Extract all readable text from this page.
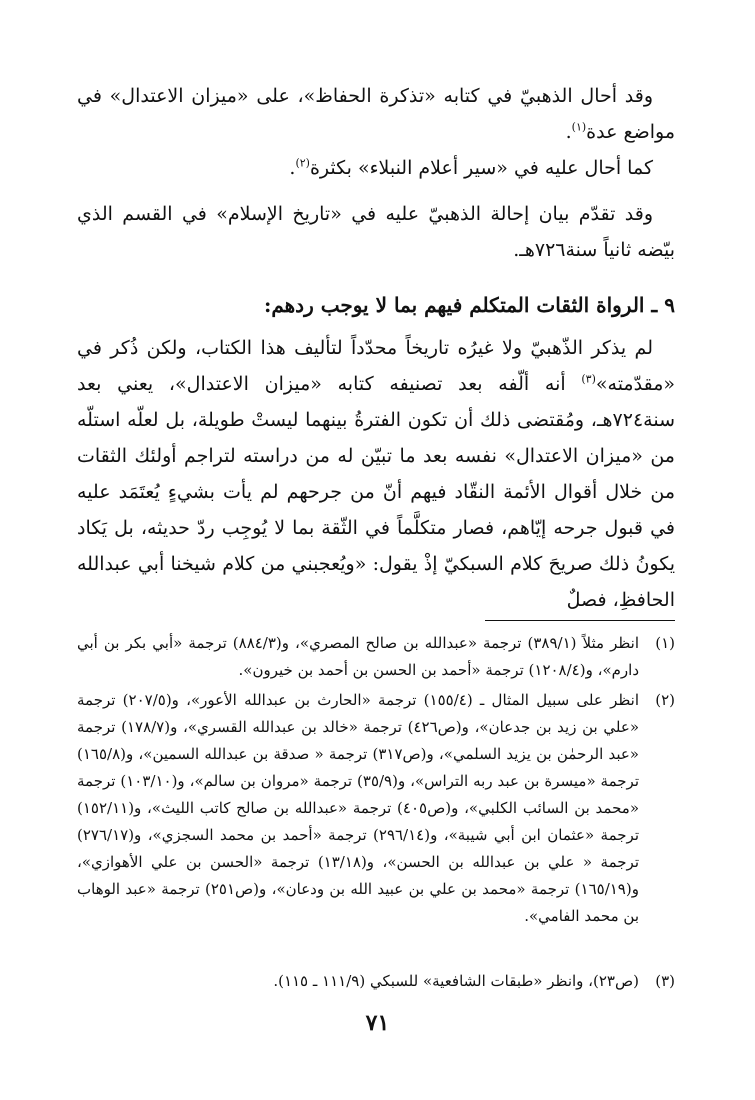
وقد أحال الذهبيّ في كتابه «تذكرة الحفاظ»، على «ميزان الاعتدال» في مواضع عدة$^{(١)}$.

كما أحال عليه في «سير أعلام النبلاء» بكثرة$^{(٢)}$.

وقد تقدّم بيان إحالة الذهبيّ عليه في «تاريخ الإسلام» في القسم الذي بيّضه ثانياً سنة٧٢٦هـ.

٩ ـ الرواة الثقات المتكلم فيهم بما لا يوجب ردهم:

لم يذكر الذّهبيّ ولا غيرُه تاريخاً محدّداً لتأليف هذا الكتاب، ولكن ذُكر في «مقدّمته»$^{(٣)}$ أنه ألّفه بعد تصنيفه كتابه «ميزان الاعتدال»، يعني بعد سنة٧٢٤هـ، ومُقتضى ذلك أن تكون الفترةُ بينهما ليستْ طويلة، بل لعلّه استلّه من «ميزان الاعتدال» نفسه بعد ما تبيّن له من دراسته لتراجم أولئك الثقات من خلال أقوال الأئمة النقّاد فيهم أنّ من جرحهم لم يأت بشيءٍ يُعتَمَد عليه في قبول جرحه إيّاهم، فصار متكلَّماً في الثّقة بما لا يُوجِب ردّ حديثه، بل يَكاد يكونُ ذلك صريحَ كلام السبكيّ إذْ يقول: «ويُعجبني من كلام شيخنا أبي عبدالله الحافظِ، فصلٌ

(١)
انظر مثلاً (٣٨٩/١) ترجمة «عبدالله بن صالح المصري»، و(٨٨٤/٣) ترجمة «أبي بكر بن أبي دارم»، و(١٢٠٨/٤) ترجمة «أحمد بن الحسن بن أحمد بن خيرون».
(٢)
انظر على سبيل المثال ـ (١٥٥/٤) ترجمة «الحارث بن عبدالله الأعور»، و(٢٠٧/٥) ترجمة «علي بن زيد بن جدعان»، و(ص٤٢٦) ترجمة «خالد بن عبدالله القسري»، و(١٧٨/٧) ترجمة «عبد الرحمٰن بن يزيد السلمي»، و(ص٣١٧) ترجمة « صدقة بن عبدالله السمين»، و(١٦٥/٨) ترجمة «ميسرة بن عبد ربه التراس»، و(٣٥/٩) ترجمة «مروان بن سالم»، و(١٠٣/١٠) ترجمة «محمد بن السائب الكلبي»، و(ص٤٠٥) ترجمة «عبدالله بن صالح كاتب الليث»، و(١٥٢/١١) ترجمة «عثمان ابن أبي شيبة»، و(٢٩٦/١٤) ترجمة «أحمد بن محمد السجزي»، و(٢٧٦/١٧) ترجمة « علي بن عبدالله بن الحسن»، و(١٣/١٨) ترجمة «الحسن بن علي الأهوازي»، و(١٦٥/١٩) ترجمة «محمد بن علي بن عبيد الله بن ودعان»، و(ص٢٥١) ترجمة «عبد الوهاب بن محمد الفامي».
(٣)
(ص٢٣)، وانظر «طبقات الشافعية» للسبكي (١١١/٩ ـ ١١٥).
٧١
